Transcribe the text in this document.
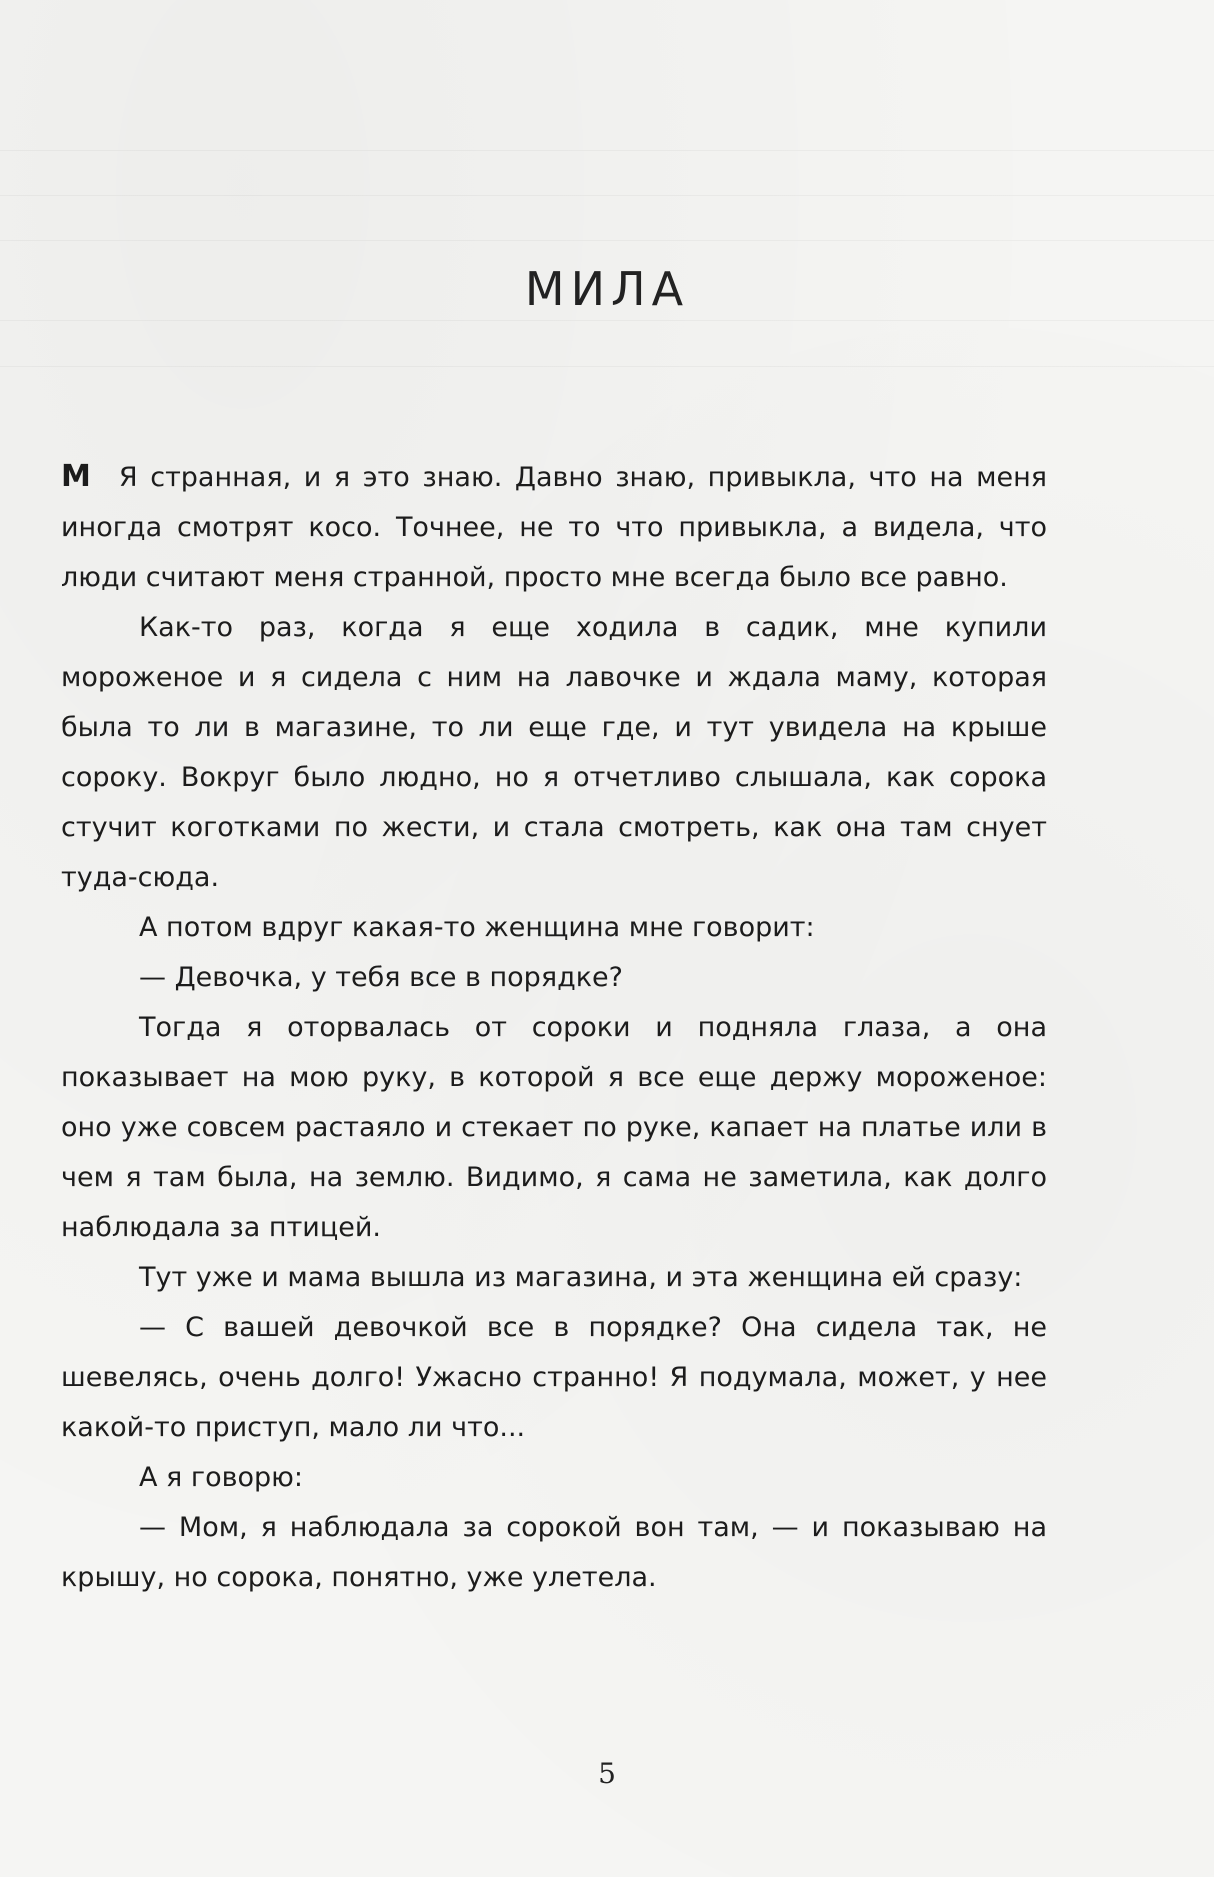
МИЛА

М Я странная, и я это знаю. Давно знаю, привыкла, что на меня иногда смотрят косо. Точнее, не то что привыкла, а видела, что люди считают меня странной, просто мне всегда было все равно.

Как-то раз, когда я еще ходила в садик, мне купили мороженое и я сидела с ним на лавочке и ждала маму, которая была то ли в магазине, то ли еще где, и тут увидела на крыше сороку. Вокруг было людно, но я отчетливо слышала, как сорока стучит коготками по жести, и стала смотреть, как она там снует туда-сюда.

А потом вдруг какая-то женщина мне говорит:

— Девочка, у тебя все в порядке?

Тогда я оторвалась от сороки и подняла глаза, а она показывает на мою руку, в которой я все еще держу мороженое: оно уже совсем растаяло и стекает по руке, капает на платье или в чем я там была, на землю. Видимо, я сама не заметила, как долго наблюдала за птицей.

Тут уже и мама вышла из магазина, и эта женщина ей сразу:

— С вашей девочкой все в порядке? Она сидела так, не шевелясь, очень долго! Ужасно странно! Я подумала, может, у нее какой-то приступ, мало ли что...

А я говорю:

— Мом, я наблюдала за сорокой вон там, — и показываю на крышу, но сорока, понятно, уже улетела.

5
